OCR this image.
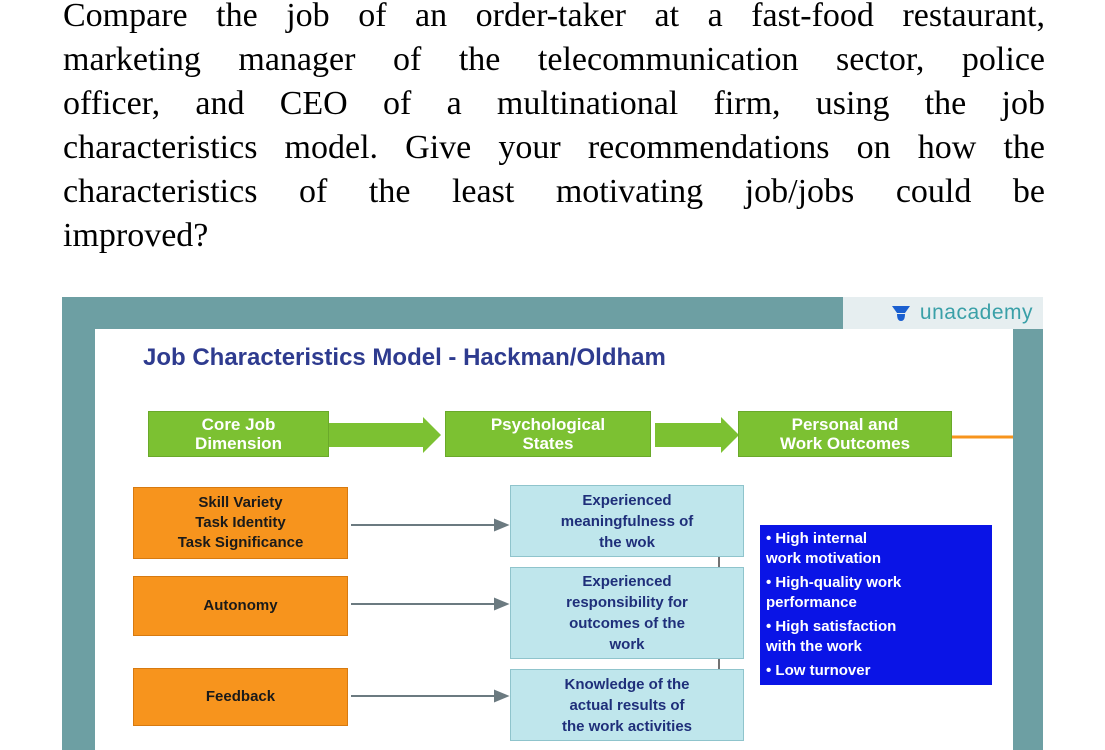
Compare the job of an order-taker at a fast-food restaurant,
marketing manager of the telecommunication sector, police
officer, and CEO of a multinational firm, using the job
characteristics model. Give your recommendations on how the
characteristics of the least motivating job/jobs could be
improved?
unacademy
Job Characteristics Model - Hackman/Oldham
Core Job
Dimension
Psychological
States
Personal and
Work Outcomes
Skill Variety
Task Identity
Task Significance
Autonomy
Feedback
Experienced
meaningfulness of
the wok
Experienced
responsibility for
outcomes of the
work
Knowledge of the
actual results of
the work activities
• High internal
work motivation
• High-quality work
performance
• High satisfaction
with the work
• Low turnover
